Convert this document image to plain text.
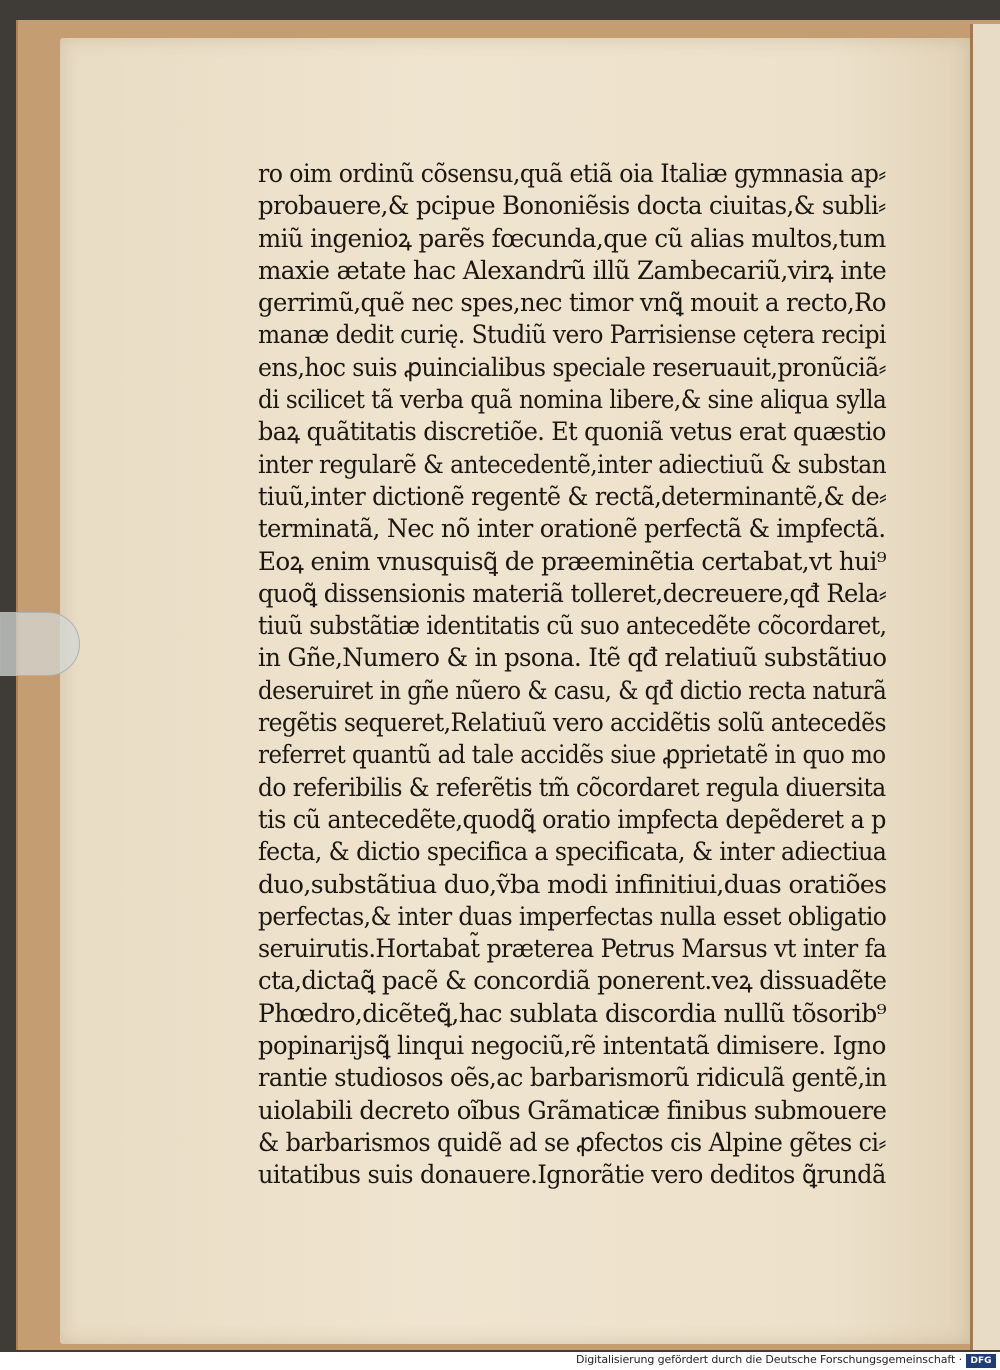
ro oim ordinũ cõsensu,quã etiã oia Italiæ gymnasia ap⸗
probauere,& pcipue Bononiẽsis docta ciuitas,& subli⸗
miũ ingenioꝝ parẽs fœcunda,que cũ alias multos,tum
maxie ætate hac Alexandrũ illũ Zambecariũ,virꝝ inte
gerrimũ,quẽ nec spes,nec timor vnꝗ̃ mouit a recto,Ro
manæ dedit curię. Studiũ vero Parrisiense cętera recipi
ens,hoc suis ꝓuincialibus speciale reseruauit,pronũciã⸗
di scilicet tã verba quã nomina libere,& sine aliqua sylla
baꝝ quãtitatis discretiõe. Et quoniã vetus erat quæstio
inter regularẽ & antecedentẽ,inter adiectiuũ & substan
tiuũ,inter dictionẽ regentẽ & rectã,determinantẽ,& de⸗
terminatã, Nec nõ inter orationẽ perfectã & impfectã.
Eoꝝ enim vnusquisꝗ̃ de præeminẽtia certabat,vt hui⁹
quoꝗ̃ dissensionis materiã tolleret,decreuere,qđ Rela⸗
tiuũ substãtiæ identitatis cũ suo antecedẽte cõcordaret,
in Gñe,Numero & in psona. Itẽ qđ relatiuũ substãtiuo
deseruiret in gñe nũero & casu, & qđ dictio recta naturã
regẽtis sequeret,Relatiuũ vero accidẽtis solũ antecedẽs
referret quantũ ad tale accidẽs siue ꝓprietatẽ in quo mo
do referibilis & referẽtis tm̃ cõcordaret regula diuersita
tis cũ antecedẽte,quodꝗ̃ oratio impfecta depẽderet a p
fecta, & dictio specifica a specificata, & inter adiectiua
duo,substãtiua duo,ṽba modi infinitiui,duas oratiões
perfectas,& inter duas imperfectas nulla esset obligatio
seruirutis.Hortabat̃ præterea Petrus Marsus vt inter fa
cta,dictaꝗ̃ pacẽ & concordiã ponerent.veꝝ dissuadẽte
Phœdro,dicẽteꝗ̃,hac sublata discordia nullũ tõsorib⁹
popinarijsꝗ̃ linqui negociũ,rẽ intentatã dimisere. Igno
rantie studiosos oẽs,ac barbarismorũ ridiculã gentẽ,in
uiolabili decreto oĩbus Grãmaticæ finibus submouere
& barbarismos quidẽ ad se ꝓfectos cis Alpine gẽtes ci⸗
uitatibus suis donauere.Ignorãtie vero deditos ꝗ̃rundã
Digitalisierung gefördert durch die Deutsche Forschungsgemeinschaft · DFG
